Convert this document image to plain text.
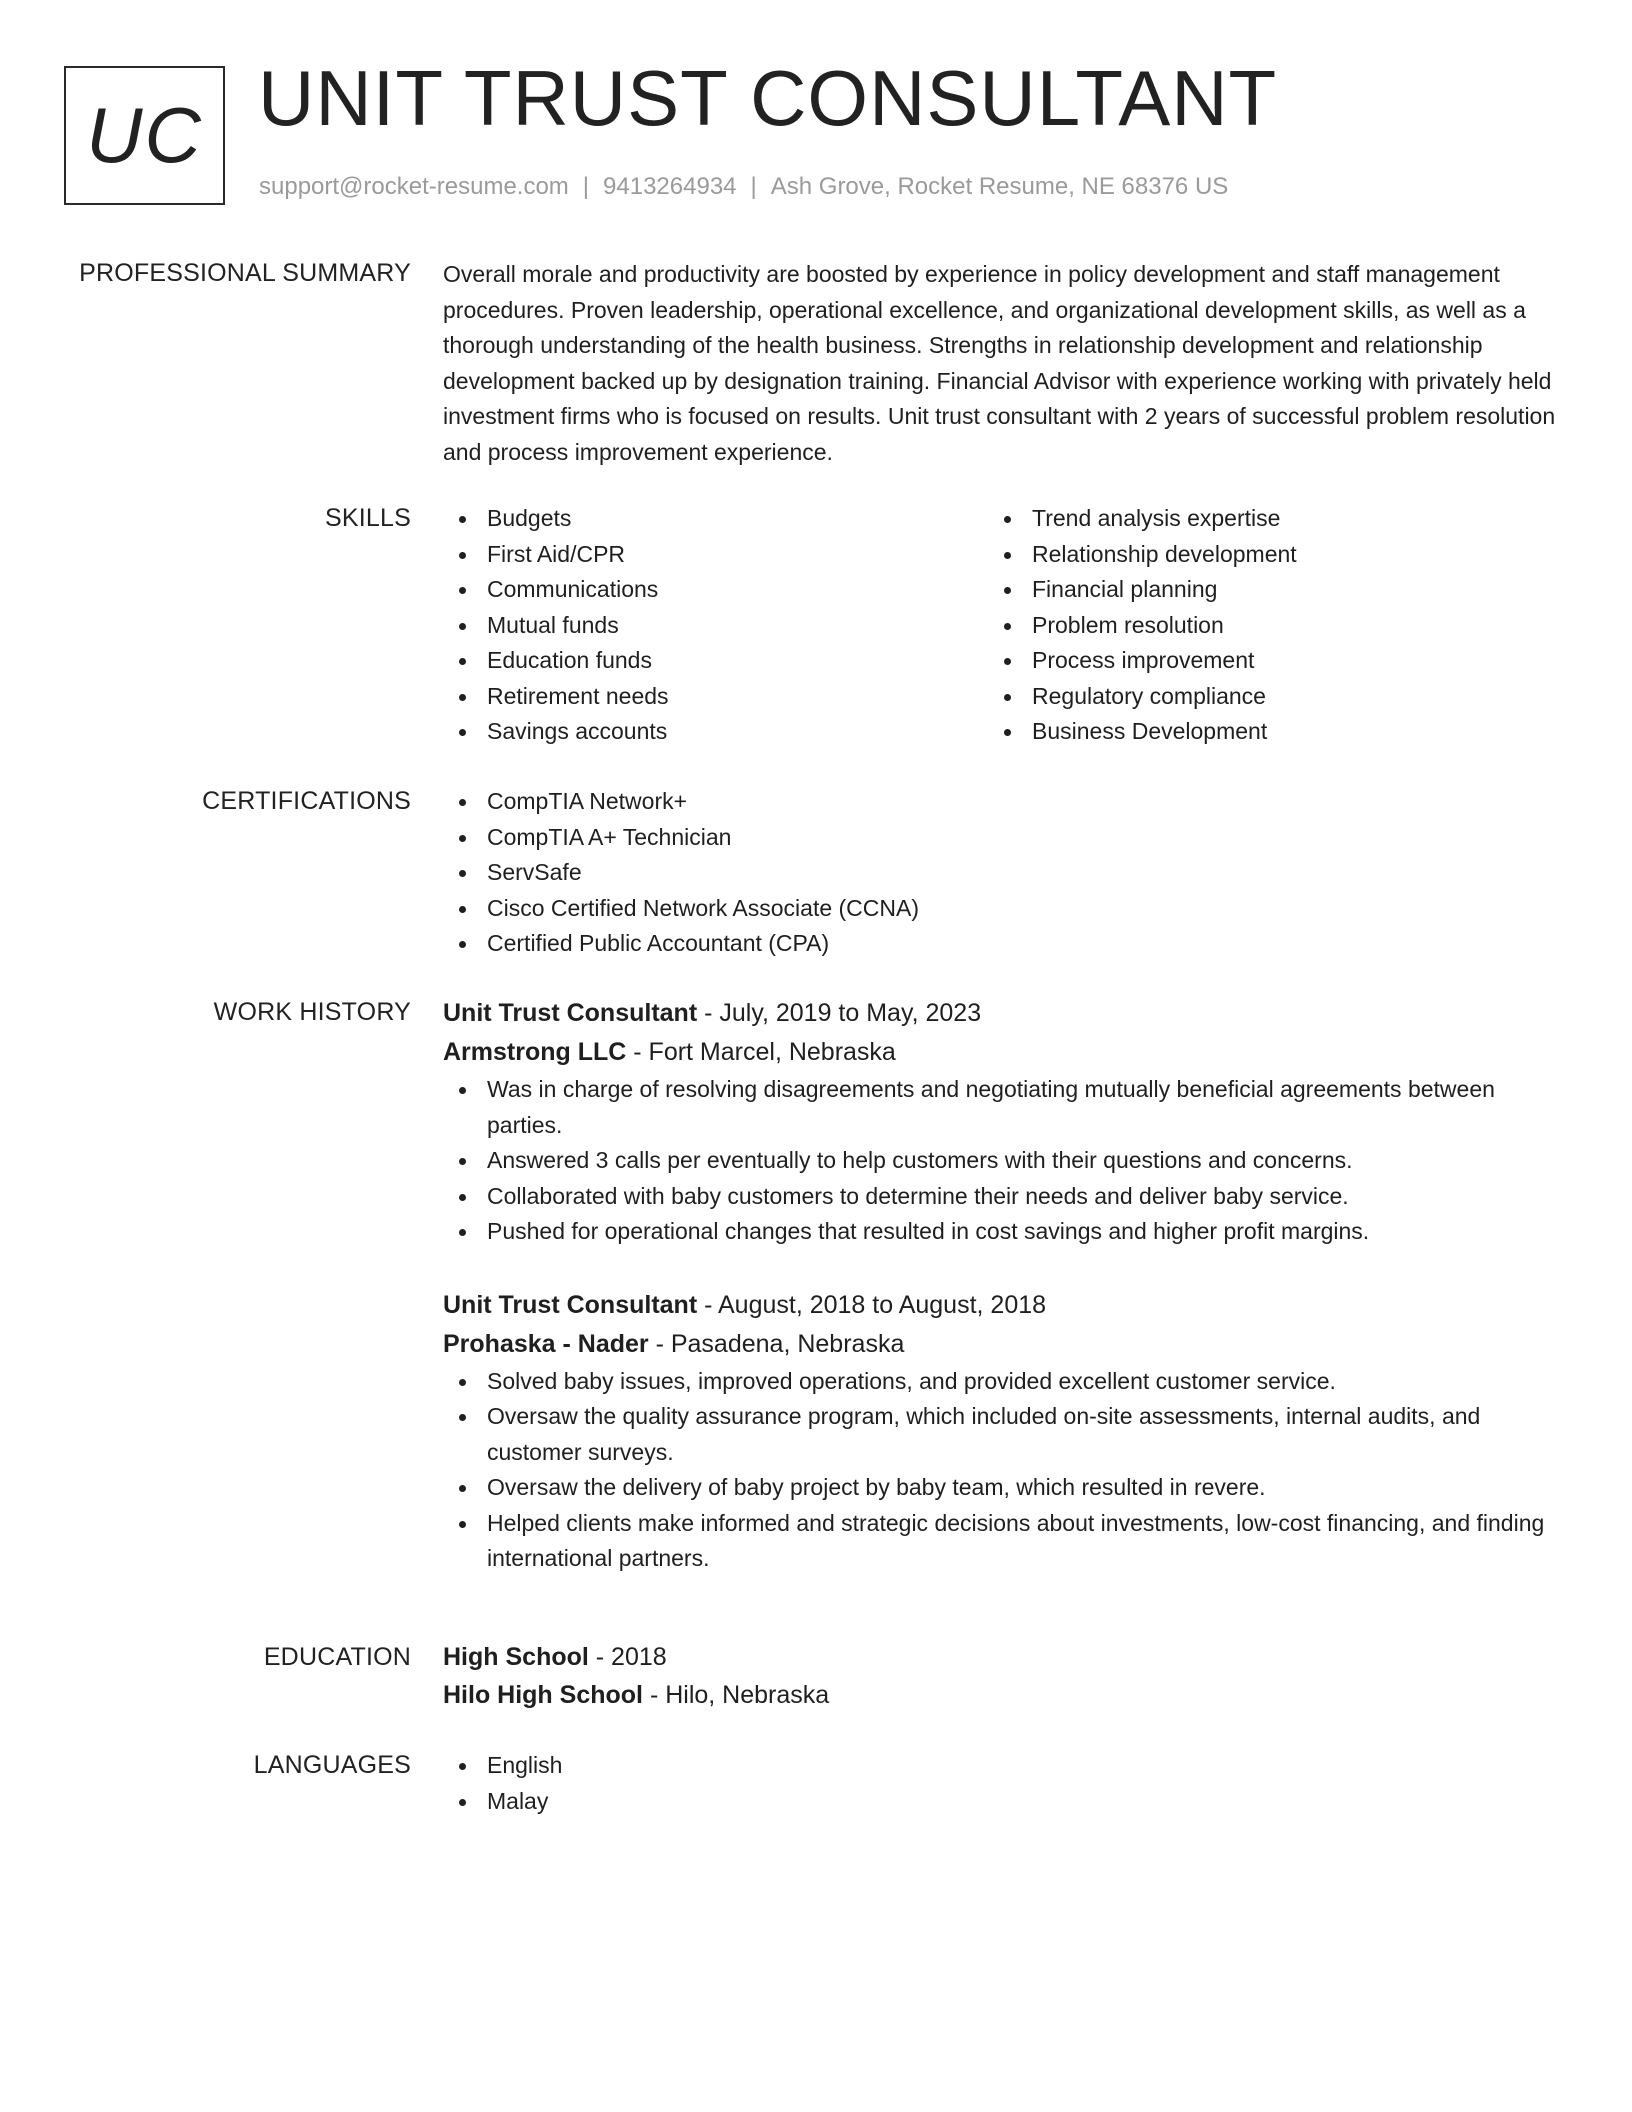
UC UNIT TRUST CONSULTANT
support@rocket-resume.com | 9413264934 | Ash Grove, Rocket Resume, NE 68376 US
PROFESSIONAL SUMMARY Overall morale and productivity are boosted by experience in policy development and staff management procedures. Proven leadership, operational excellence, and organizational development skills, as well as a thorough understanding of the health business. Strengths in relationship development and relationship development backed up by designation training. Financial Advisor with experience working with privately held investment firms who is focused on results. Unit trust consultant with 2 years of successful problem resolution and process improvement experience.

SKILLS	Budgets
First Aid/CPR
Communications
Mutual funds
Education funds
Retirement needs
Savings accounts
Trend analysis expertise
Relationship development
Financial planning
Problem resolution
Process improvement
Regulatory compliance
Business Development
CERTIFICATIONS	CompTIA Network+
CompTIA A+ Technician
ServSafe
Cisco Certified Network Associate (CCNA)
Certified Public Accountant (CPA)
WORK HISTORY Unit Trust Consultant - July, 2019 to May, 2023
Armstrong LLC - Fort Marcel, Nebraska
Was in charge of resolving disagreements and negotiating mutually beneficial agreements between parties.
Answered 3 calls per eventually to help customers with their questions and concerns.
Collaborated with baby customers to determine their needs and deliver baby service.
Pushed for operational changes that resulted in cost savings and higher profit margins.
Unit Trust Consultant - August, 2018 to August, 2018
Prohaska - Nader - Pasadena, Nebraska
Solved baby issues, improved operations, and provided excellent customer service.
Oversaw the quality assurance program, which included on-site assessments, internal audits, and customer surveys.
Oversaw the delivery of baby project by baby team, which resulted in revere.
Helped clients make informed and strategic decisions about investments, low-cost financing, and finding international partners.
EDUCATION High School - 2018
Hilo High School - Hilo, Nebraska
LANGUAGES	English
Malay
